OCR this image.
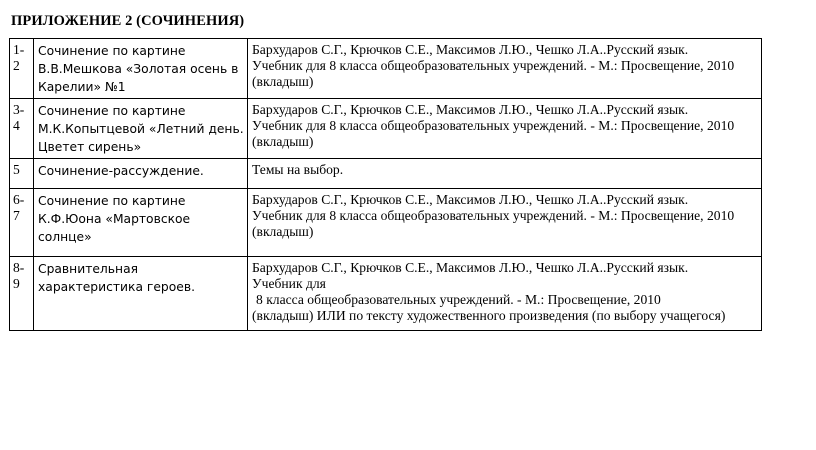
ПРИЛОЖЕНИЕ 2 (СОЧИНЕНИЯ)
1-
2	Сочинение по картине В.В.Мешкова «Золотая осень в Карелии» №1	Бархударов С.Г., Крючков С.Е., Максимов Л.Ю., Чешко Л.А..Русский язык.
Учебник для 8 класса общеобразовательных учреждений. - М.: Просвещение, 2010
(вкладыш)

3-
4	Сочинение по картине М.К.Копытцевой «Летний день. Цветет сирень»	Бархударов С.Г., Крючков С.Е., Максимов Л.Ю., Чешко Л.А..Русский язык.
Учебник для 8 класса общеобразовательных учреждений. - М.: Просвещение, 2010
(вкладыш)

5	Сочинение-рассуждение.	Темы на выбор.

6-
7	Сочинение по картине К.Ф.Юона «Мартовское солнце»	Бархударов С.Г., Крючков С.Е., Максимов Л.Ю., Чешко Л.А..Русский язык.
Учебник для 8 класса общеобразовательных учреждений. - М.: Просвещение, 2010
(вкладыш)

8-
9	Сравнительная характеристика героев.	Бархударов С.Г., Крючков С.Е., Максимов Л.Ю., Чешко Л.А..Русский язык.
Учебник для
8 класса общеобразовательных учреждений. - М.: Просвещение, 2010
(вкладыш) ИЛИ по тексту художественного произведения (по выбору учащегося)
